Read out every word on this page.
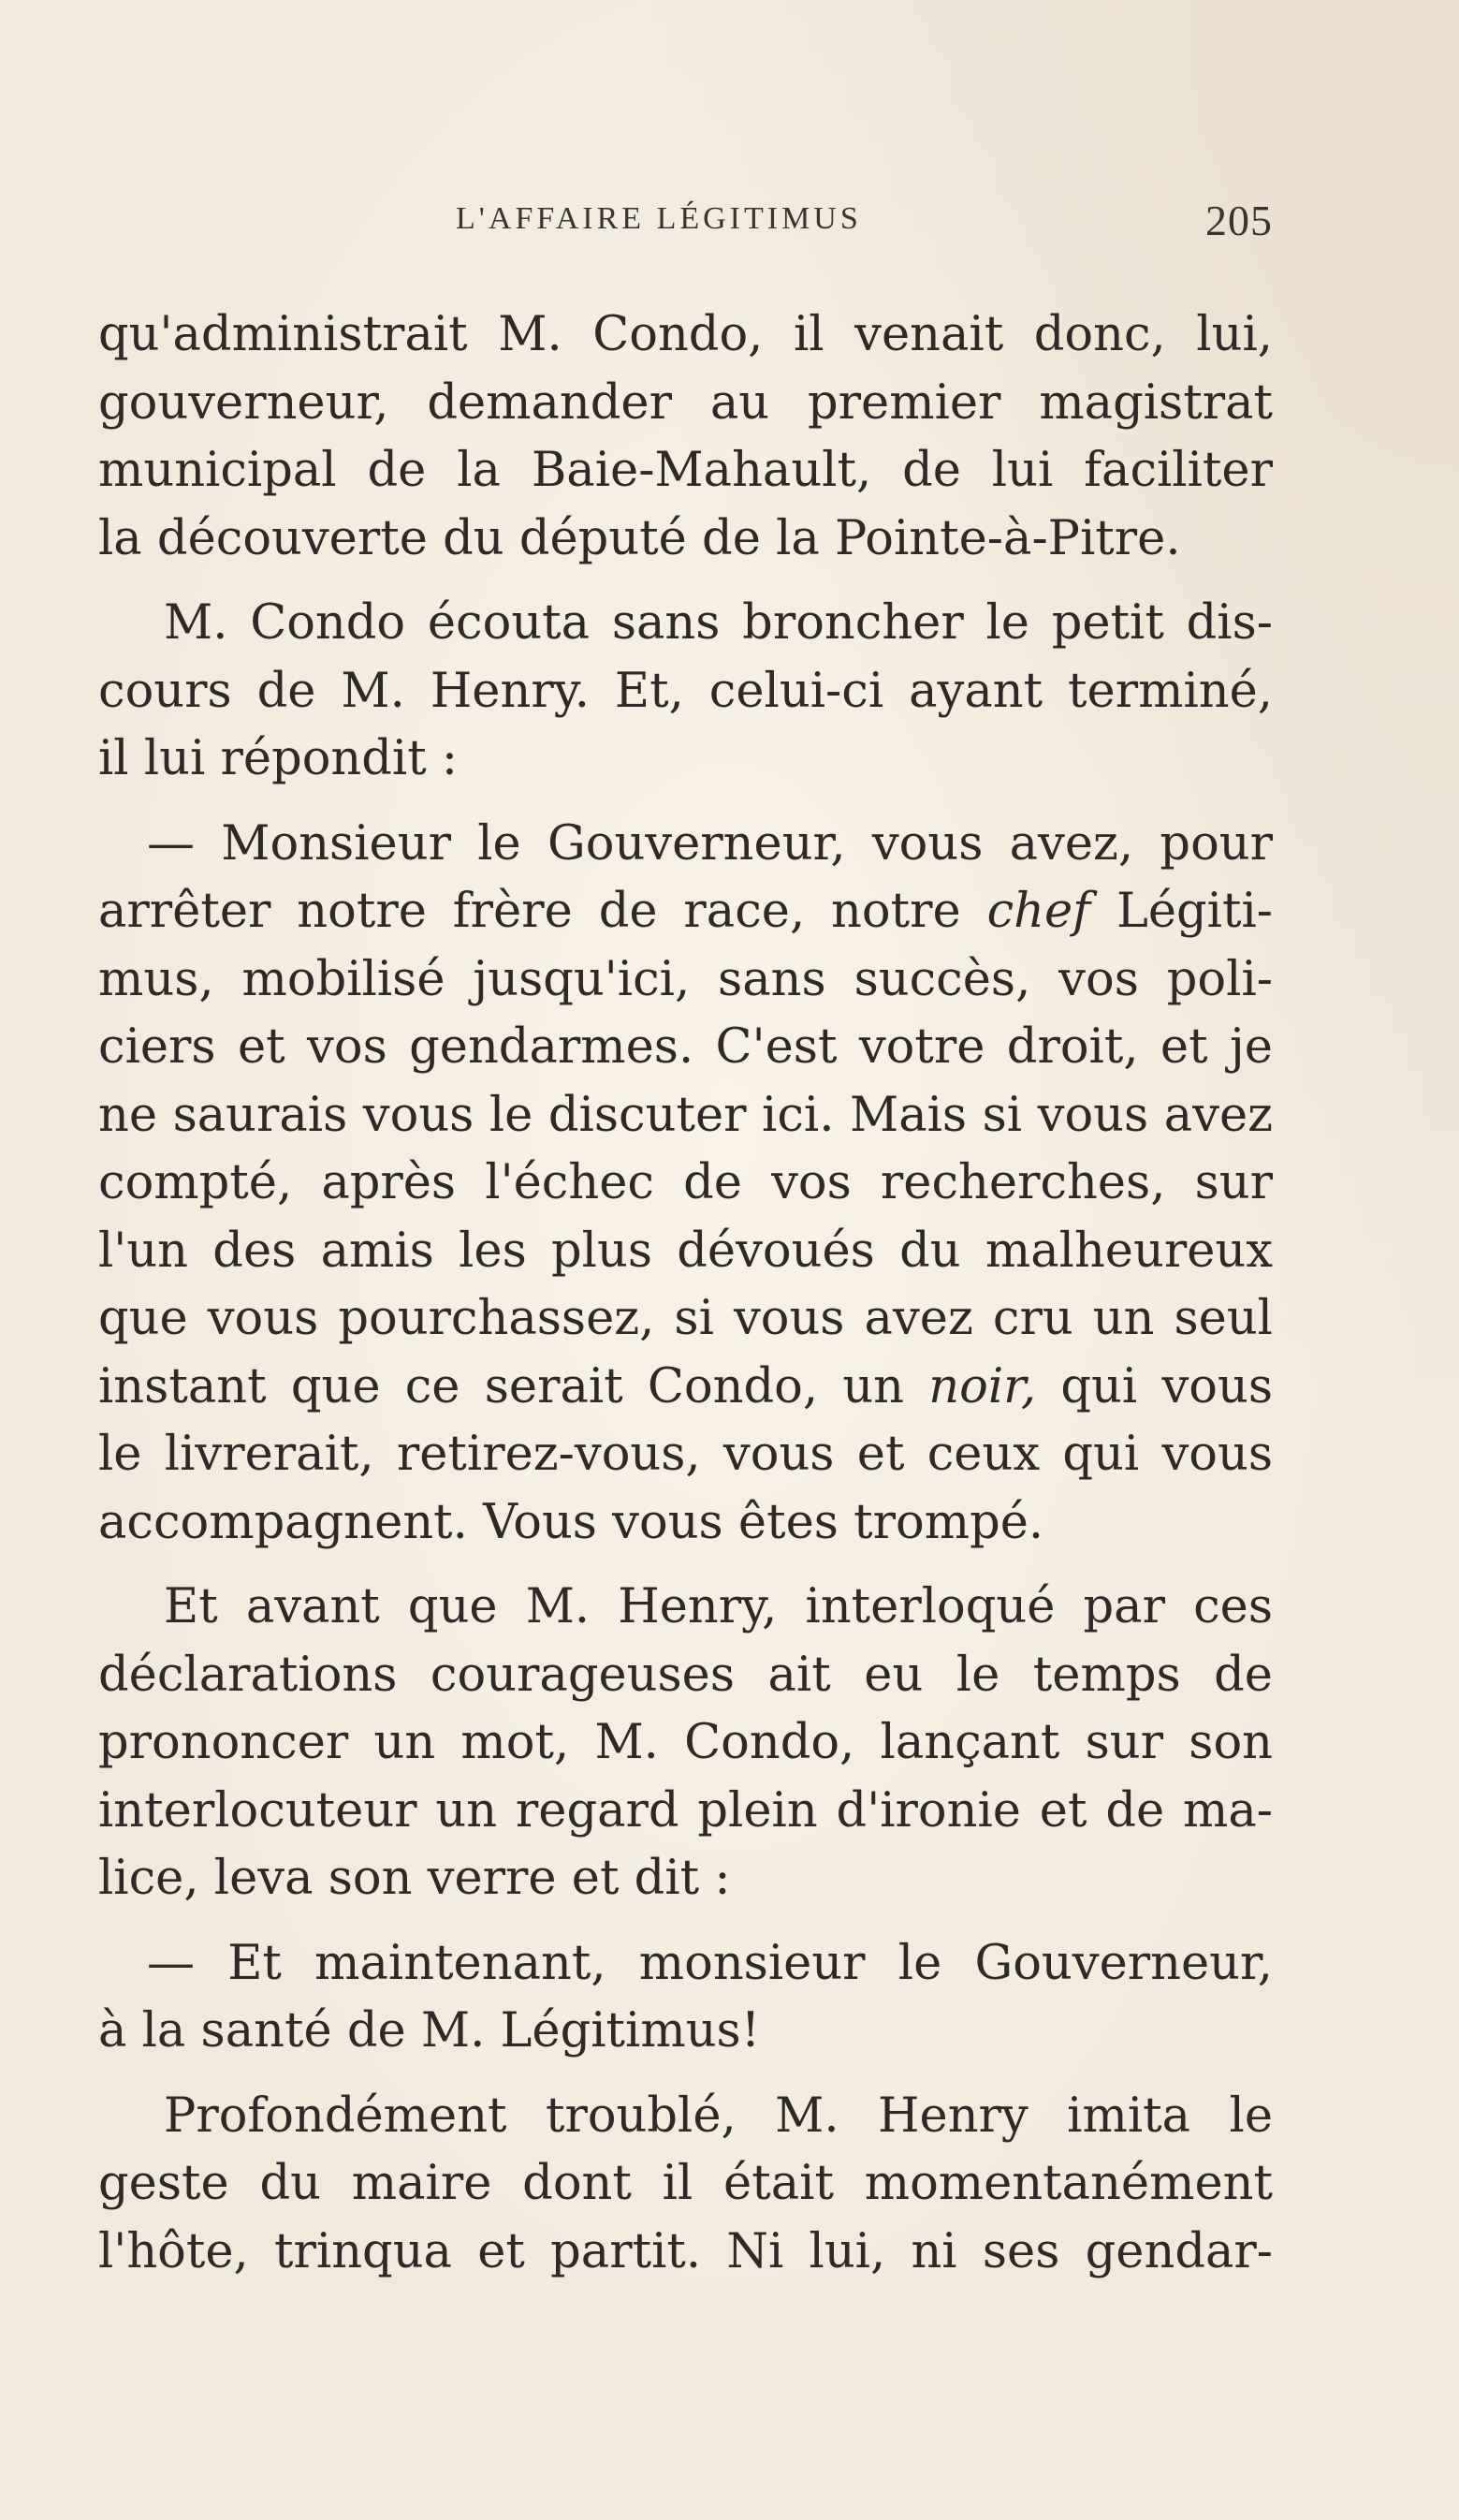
L'AFFAIRE LÉGITIMUS	205
qu'administrait M. Condo, il venait donc, lui,
gouverneur, demander au premier magistrat
municipal de la Baie-Mahault, de lui faciliter
la découverte du député de la Pointe-à-Pitre.
M. Condo écouta sans broncher le petit dis-
cours de M. Henry. Et, celui-ci ayant terminé,
il lui répondit :
— Monsieur le Gouverneur, vous avez, pour
arrêter notre frère de race, notre chef Légiti-
mus, mobilisé jusqu'ici, sans succès, vos poli-
ciers et vos gendarmes. C'est votre droit, et je
ne saurais vous le discuter ici. Mais si vous avez
compté, après l'échec de vos recherches, sur
l'un des amis les plus dévoués du malheureux
que vous pourchassez, si vous avez cru un seul
instant que ce serait Condo, un noir, qui vous
le livrerait, retirez-vous, vous et ceux qui vous
accompagnent. Vous vous êtes trompé.
Et avant que M. Henry, interloqué par ces
déclarations courageuses ait eu le temps de
prononcer un mot, M. Condo, lançant sur son
interlocuteur un regard plein d'ironie et de ma-
lice, leva son verre et dit :
— Et maintenant, monsieur le Gouverneur,
à la santé de M. Légitimus!
Profondément troublé, M. Henry imita le
geste du maire dont il était momentanément
l'hôte, trinqua et partit. Ni lui, ni ses gendar-
